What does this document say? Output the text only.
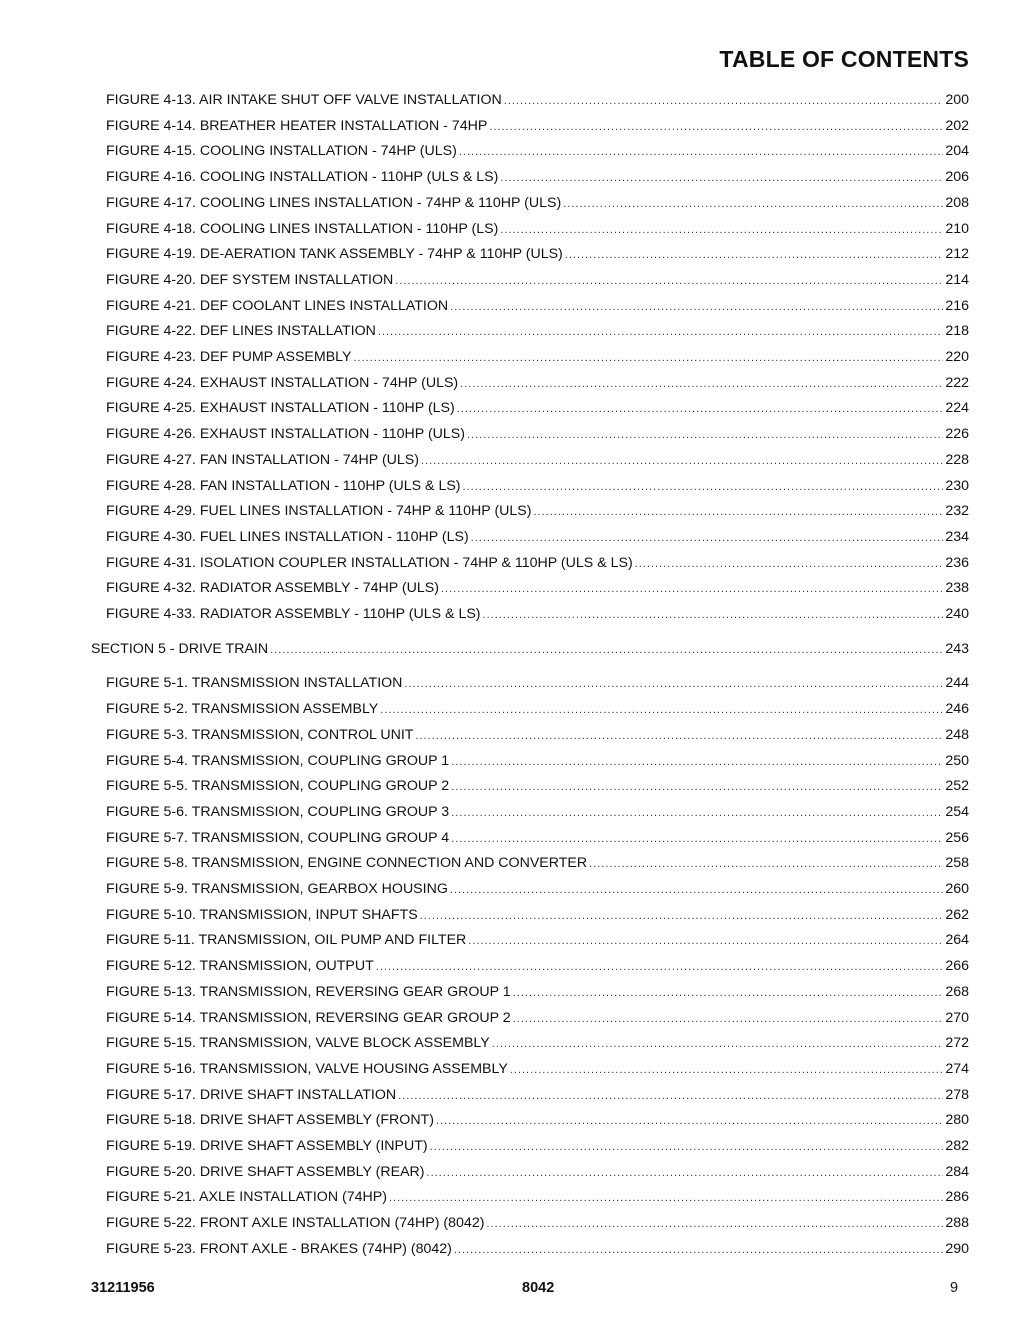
TABLE OF CONTENTS
FIGURE 4-13. AIR INTAKE SHUT OFF VALVE INSTALLATION .....	200
FIGURE 4-14. BREATHER HEATER INSTALLATION - 74HP .....	202
FIGURE 4-15. COOLING INSTALLATION - 74HP (ULS) .....	204
FIGURE 4-16. COOLING INSTALLATION - 110HP (ULS & LS) .....	206
FIGURE 4-17. COOLING LINES INSTALLATION - 74HP & 110HP (ULS) .....	208
FIGURE 4-18. COOLING LINES INSTALLATION - 110HP (LS) .....	210
FIGURE 4-19. DE-AERATION TANK ASSEMBLY - 74HP & 110HP (ULS) .....	212
FIGURE 4-20. DEF SYSTEM INSTALLATION .....	214
FIGURE 4-21. DEF COOLANT LINES INSTALLATION .....	216
FIGURE 4-22. DEF LINES INSTALLATION .....	218
FIGURE 4-23. DEF PUMP ASSEMBLY .....	220
FIGURE 4-24. EXHAUST INSTALLATION - 74HP (ULS) .....	222
FIGURE 4-25. EXHAUST INSTALLATION - 110HP (LS) .....	224
FIGURE 4-26. EXHAUST INSTALLATION - 110HP (ULS) .....	226
FIGURE 4-27. FAN INSTALLATION - 74HP (ULS) .....	228
FIGURE 4-28. FAN INSTALLATION - 110HP (ULS & LS) .....	230
FIGURE 4-29. FUEL LINES INSTALLATION - 74HP & 110HP (ULS) .....	232
FIGURE 4-30. FUEL LINES INSTALLATION - 110HP (LS) .....	234
FIGURE 4-31. ISOLATION COUPLER INSTALLATION - 74HP & 110HP (ULS & LS) .....	236
FIGURE 4-32. RADIATOR ASSEMBLY - 74HP (ULS) .....	238
FIGURE 4-33. RADIATOR ASSEMBLY - 110HP (ULS & LS) .....	240
SECTION 5 - DRIVE TRAIN .....	243
FIGURE 5-1. TRANSMISSION INSTALLATION .....	244
FIGURE 5-2. TRANSMISSION ASSEMBLY .....	246
FIGURE 5-3. TRANSMISSION, CONTROL UNIT .....	248
FIGURE 5-4. TRANSMISSION, COUPLING GROUP 1 .....	250
FIGURE 5-5. TRANSMISSION, COUPLING GROUP 2 .....	252
FIGURE 5-6. TRANSMISSION, COUPLING GROUP 3 .....	254
FIGURE 5-7. TRANSMISSION, COUPLING GROUP 4 .....	256
FIGURE 5-8. TRANSMISSION, ENGINE CONNECTION AND CONVERTER .....	258
FIGURE 5-9. TRANSMISSION, GEARBOX HOUSING .....	260
FIGURE 5-10. TRANSMISSION, INPUT SHAFTS .....	262
FIGURE 5-11. TRANSMISSION, OIL PUMP AND FILTER .....	264
FIGURE 5-12. TRANSMISSION, OUTPUT .....	266
FIGURE 5-13. TRANSMISSION, REVERSING GEAR GROUP 1 .....	268
FIGURE 5-14. TRANSMISSION, REVERSING GEAR GROUP 2 .....	270
FIGURE 5-15. TRANSMISSION, VALVE BLOCK ASSEMBLY .....	272
FIGURE 5-16. TRANSMISSION, VALVE HOUSING ASSEMBLY .....	274
FIGURE 5-17. DRIVE SHAFT INSTALLATION .....	278
FIGURE 5-18. DRIVE SHAFT ASSEMBLY (FRONT) .....	280
FIGURE 5-19. DRIVE SHAFT ASSEMBLY (INPUT) .....	282
FIGURE 5-20. DRIVE SHAFT ASSEMBLY (REAR) .....	284
FIGURE 5-21. AXLE INSTALLATION (74HP) .....	286
FIGURE 5-22. FRONT AXLE INSTALLATION (74HP) (8042) .....	288
FIGURE 5-23. FRONT AXLE - BRAKES (74HP) (8042) .....	290
31211956	8042	9
